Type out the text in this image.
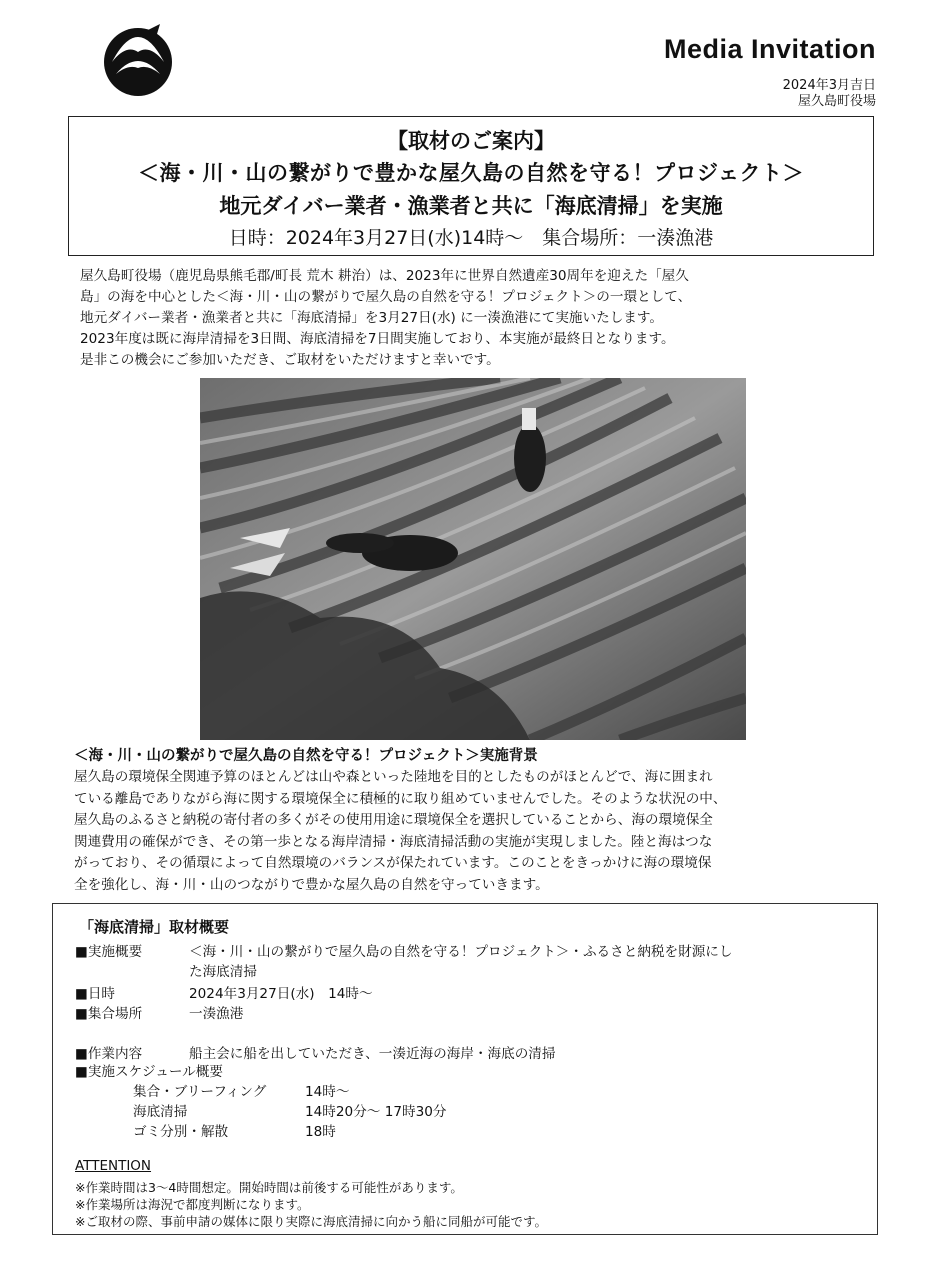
Media Invitation
2024年3月吉日
屋久島町役場
【取材のご案内】
＜海・川・山の繋がりで豊かな屋久島の自然を守る！プロジェクト＞
地元ダイバー業者・漁業者と共に「海底清掃」を実施
日時：2024年3月27日(水)14時〜　集合場所：一湊漁港

屋久島町役場（鹿児島県熊毛郡/町長 荒木 耕治）は、2023年に世界自然遺産30周年を迎えた「屋久

島」の海を中心とした＜海・川・山の繋がりで屋久島の自然を守る！プロジェクト＞の一環として、

地元ダイバー業者・漁業者と共に「海底清掃」を3月27日(水) に一湊漁港にて実施いたします。

2023年度は既に海岸清掃を3日間、海底清掃を7日間実施しており、本実施が最終日となります。

是非この機会にご参加いただき、ご取材をいただけますと幸いです。

＜海・川・山の繋がりで屋久島の自然を守る！プロジェクト＞実施背景

屋久島の環境保全関連予算のほとんどは山や森といった陸地を目的としたものがほとんどで、海に囲まれ

ている離島でありながら海に関する環境保全に積極的に取り組めていませんでした。そのような状況の中、

屋久島のふるさと納税の寄付者の多くがその使用用途に環境保全を選択していることから、海の環境保全

関連費用の確保ができ、その第一歩となる海岸清掃・海底清掃活動の実施が実現しました。陸と海はつな

がっており、その循環によって自然環境のバランスが保たれています。このことをきっかけに海の環境保

全を強化し、海・川・山のつながりで豊かな屋久島の自然を守っていきます。

「海底清掃」取材概要
■実施概要	＜海・川・山の繋がりで屋久島の自然を守る！プロジェクト＞・ふるさと納税を財源にし
た海底清掃
■日時	2024年3月27日(水)　14時〜
■集合場所	一湊漁港
■作業内容	船主会に船を出していただき、一湊近海の海岸・海底の清掃
■実施スケジュール概要
集合・ブリーフィング	14時〜
海底清掃	14時20分〜 17時30分
ゴミ分別・解散	18時
ATTENTION
※作業時間は3〜4時間想定。開始時間は前後する可能性があります。
※作業場所は海況で都度判断になります。
※ご取材の際、事前申請の媒体に限り実際に海底清掃に向かう船に同船が可能です。
